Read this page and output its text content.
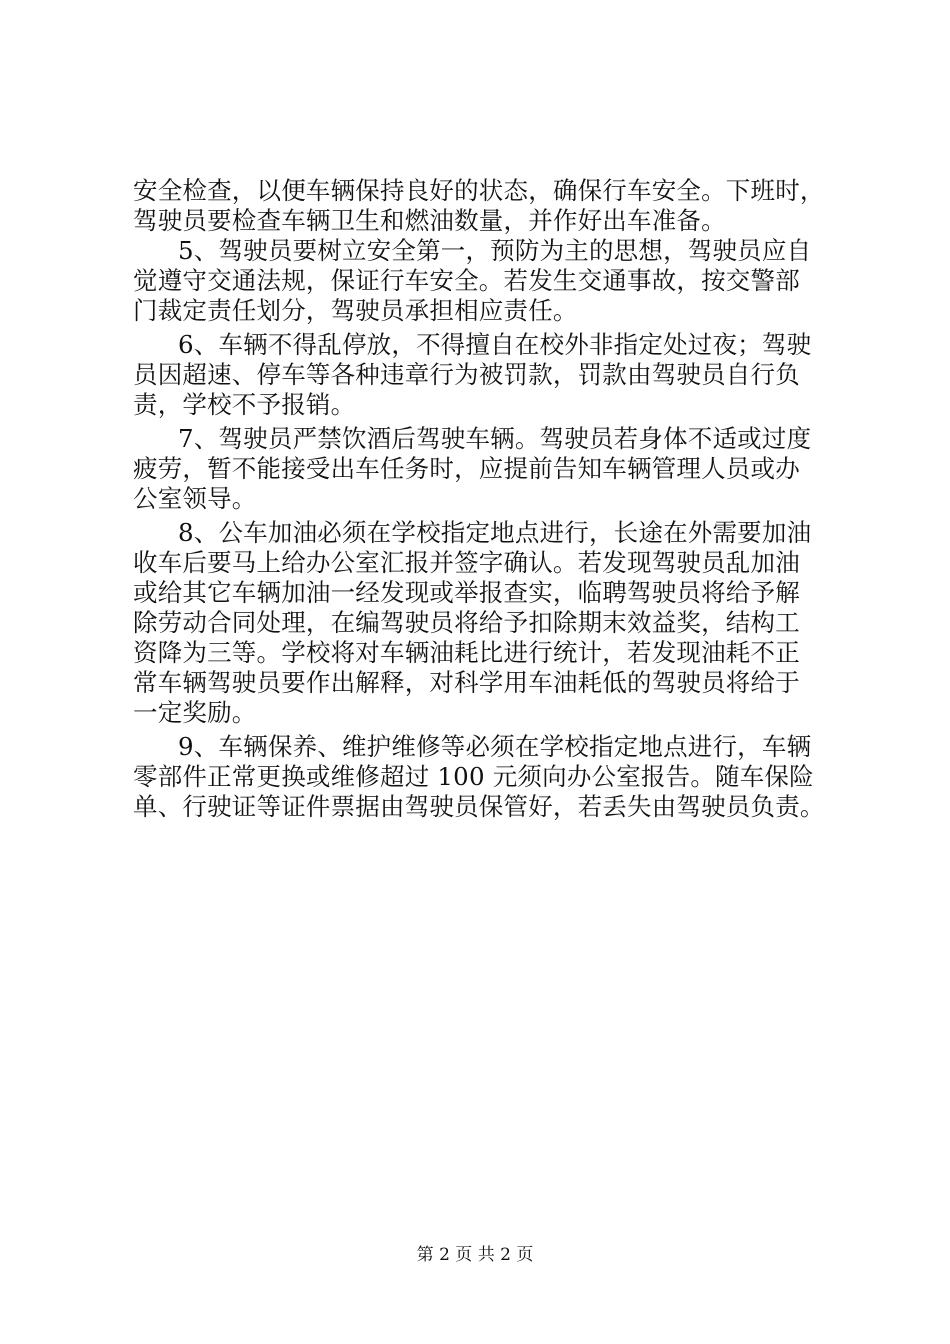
安全检查，以便车辆保持良好的状态，确保行车安全。下班时，
驾驶员要检查车辆卫生和燃油数量，并作好出车准备。
5、驾驶员要树立安全第一，预防为主的思想，驾驶员应自
觉遵守交通法规，保证行车安全。若发生交通事故，按交警部
门裁定责任划分，驾驶员承担相应责任。
6、车辆不得乱停放，不得擅自在校外非指定处过夜；驾驶
员因超速、停车等各种违章行为被罚款，罚款由驾驶员自行负
责，学校不予报销。
7、驾驶员严禁饮酒后驾驶车辆。驾驶员若身体不适或过度
疲劳，暂不能接受出车任务时，应提前告知车辆管理人员或办
公室领导。
8、公车加油必须在学校指定地点进行，长途在外需要加油
收车后要马上给办公室汇报并签字确认。若发现驾驶员乱加油
或给其它车辆加油一经发现或举报查实，临聘驾驶员将给予解
除劳动合同处理，在编驾驶员将给予扣除期末效益奖，结构工
资降为三等。学校将对车辆油耗比进行统计，若发现油耗不正
常车辆驾驶员要作出解释，对科学用车油耗低的驾驶员将给于
一定奖励。
9、车辆保养、维护维修等必须在学校指定地点进行，车辆
零部件正常更换或维修超过 100 元须向办公室报告。随车保险
单、行驶证等证件票据由驾驶员保管好，若丢失由驾驶员负责。
第 2 页 共 2 页
